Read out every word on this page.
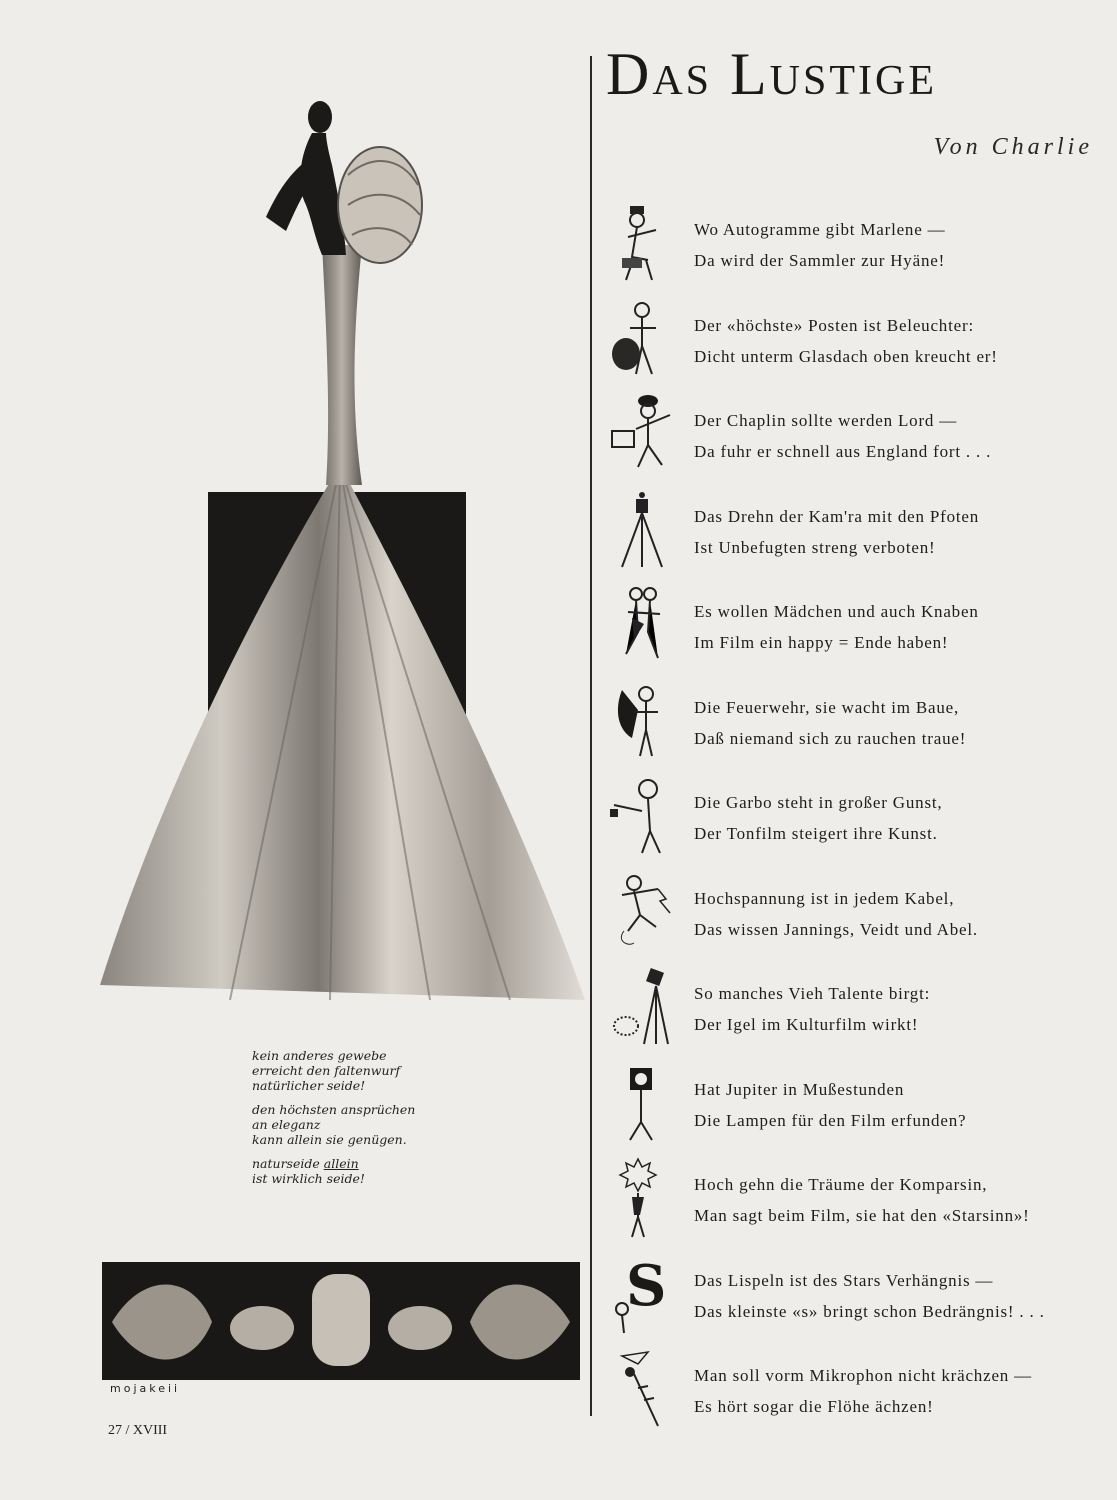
kein anderes gewebe
erreicht den faltenwurf
natürlicher seide!

den höchsten ansprüchen
an eleganz
kann allein sie genügen.

naturseide allein
ist wirklich seide!

mojakeii
27 / XVIII
Das Lustige
Von Charlie
Wo Autogramme gibt Marlene —
Da wird der Sammler zur Hyäne!
Der «höchste» Posten ist Beleuchter:
Dicht unterm Glasdach oben kreucht er!
Der Chaplin sollte werden Lord —
Da fuhr er schnell aus England fort . . .
Das Drehn der Kam'ra mit den Pfoten
Ist Unbefugten streng verboten!
Es wollen Mädchen und auch Knaben
Im Film ein happy = Ende haben!
Die Feuerwehr, sie wacht im Baue,
Daß niemand sich zu rauchen traue!
Die Garbo steht in großer Gunst,
Der Tonfilm steigert ihre Kunst.
Hochspannung ist in jedem Kabel,
Das wissen Jannings, Veidt und Abel.
So manches Vieh Talente birgt:
Der Igel im Kulturfilm wirkt!
Hat Jupiter in Mußestunden
Die Lampen für den Film erfunden?
Hoch gehn die Träume der Komparsin,
Man sagt beim Film, sie hat den «Starsinn»!
S Das Lispeln ist des Stars Verhängnis —
Das kleinste «s» bringt schon Bedrängnis! . . .
Man soll vorm Mikrophon nicht krächzen —
Es hört sogar die Flöhe ächzen!
